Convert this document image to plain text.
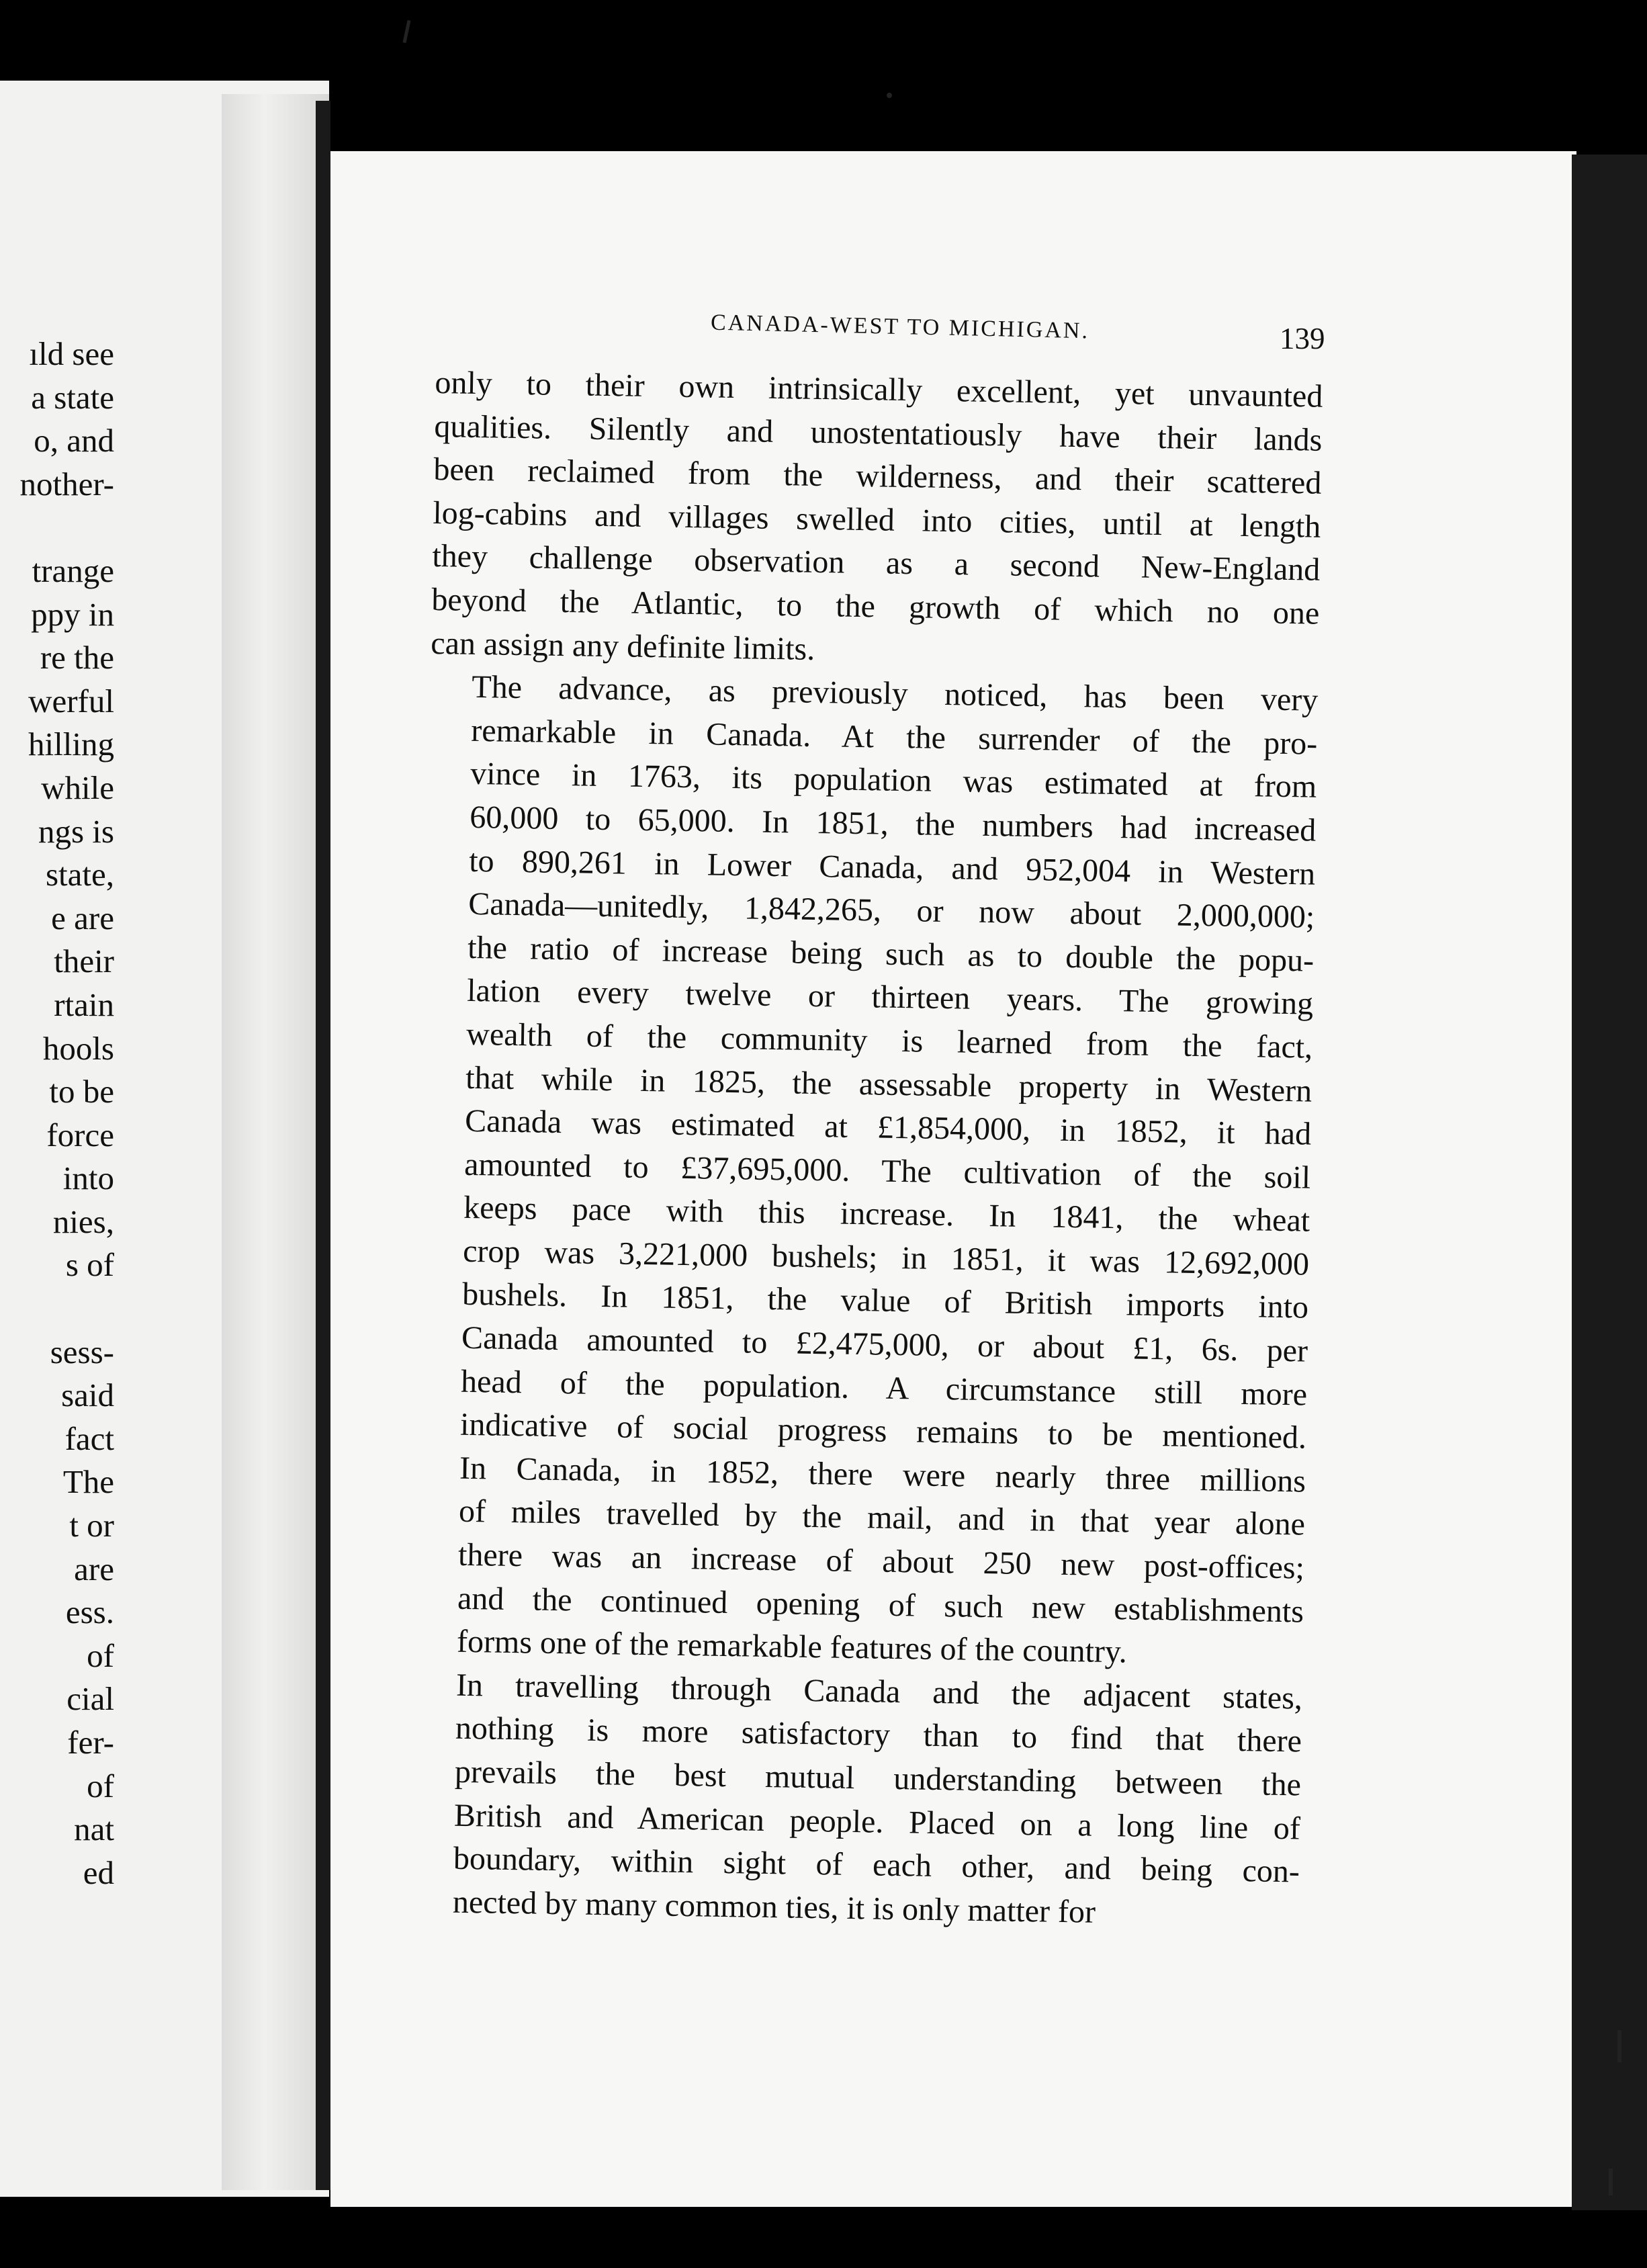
ıld see
a state
o, and
nother-
trange
ppy in
re the
werful
hilling
while
ngs is
state,
e are
their
rtain
hools
to be
force
into
nies,
s of
sess-
said
fact
The
t or
are
ess.
of
cial
fer-
of
nat
ed
CANADA-WEST TO MICHIGAN.	139

only to their own intrinsically excellent, yet unvaunted
qualities. Silently and unostentatiously have their lands
been reclaimed from the wilderness, and their scattered
log-cabins and villages swelled into cities, until at length
they challenge observation as a second New-England
beyond the Atlantic, to the growth of which no one
can assign any definite limits.

The advance, as previously noticed, has been very
remarkable in Canada. At the surrender of the pro-
vince in 1763, its population was estimated at from
60,000 to 65,000. In 1851, the numbers had increased
to 890,261 in Lower Canada, and 952,004 in Western
Canada—unitedly, 1,842,265, or now about 2,000,000;
the ratio of increase being such as to double the popu-
lation every twelve or thirteen years. The growing
wealth of the community is learned from the fact,
that while in 1825, the assessable property in Western
Canada was estimated at £1,854,000, in 1852, it had
amounted to £37,695,000. The cultivation of the soil
keeps pace with this increase. In 1841, the wheat
crop was 3,221,000 bushels; in 1851, it was 12,692,000
bushels. In 1851, the value of British imports into
Canada amounted to £2,475,000, or about £1, 6s. per
head of the population. A circumstance still more
indicative of social progress remains to be mentioned.
In Canada, in 1852, there were nearly three millions
of miles travelled by the mail, and in that year alone
there was an increase of about 250 new post-offices;
and the continued opening of such new establishments
forms one of the remarkable features of the country.

In travelling through Canada and the adjacent states,
nothing is more satisfactory than to find that there
prevails the best mutual understanding between the
British and American people. Placed on a long line of
boundary, within sight of each other, and being con-
nected by many common ties, it is only matter for
